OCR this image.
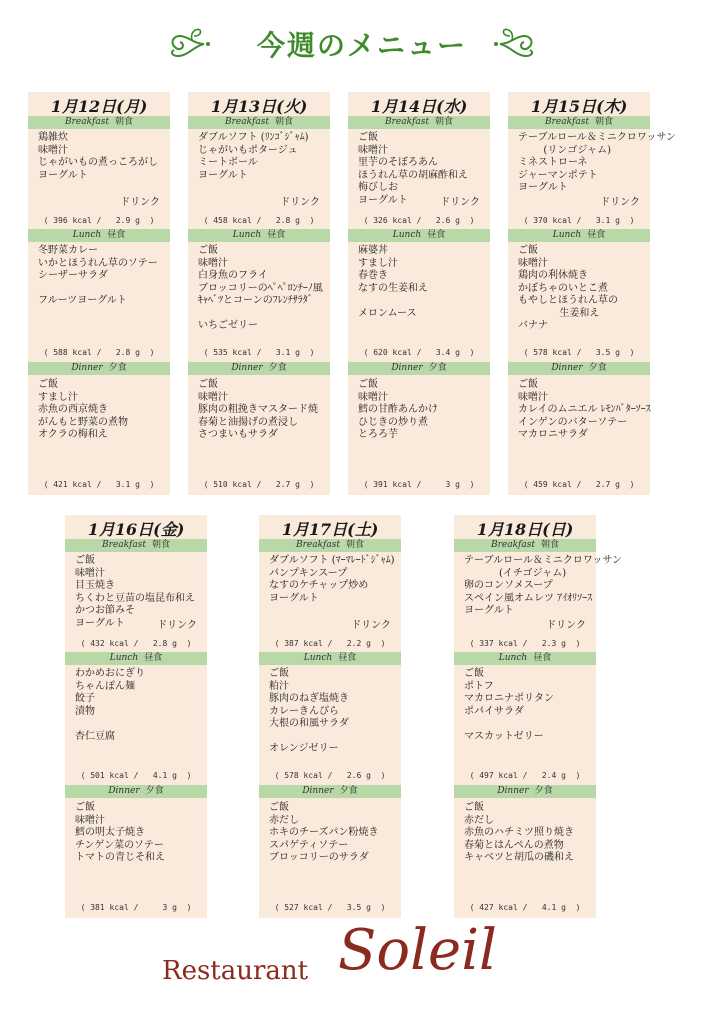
今週のメニュー
1月12日(月)
Breakfast 朝食
鶏雑炊
味噌汁
じゃがいもの煮っころがし
ヨーグルト
ドリンク
( 396 kcal /   2.9 g  )
Lunch 昼食
冬野菜カレー
いかとほうれん草のソテー
シーザーサラダ

フルーツヨーグルト
( 588 kcal /   2.8 g  )
Dinner 夕食
ご飯
すまし汁
赤魚の西京焼き
がんもと野菜の煮物
オクラの梅和え
( 421 kcal /   3.1 g  )
1月13日(火)
Breakfast 朝食
ダブルソフト (ﾘﾝｺﾞｼﾞｬﾑ)
じゃがいもポタージュ
ミートボール
ヨーグルト
ドリンク
( 458 kcal /   2.8 g  )
Lunch 昼食
ご飯
味噌汁
白身魚のフライ
ブロッコリーのﾍﾟﾍﾟﾛﾝﾁｰﾉ風
ｷｬﾍﾞﾂとコーンのﾌﾚﾝﾁｻﾗﾀﾞ

いちごゼリー
( 535 kcal /   3.1 g  )
Dinner 夕食
ご飯
味噌汁
豚肉の粗挽きマスタード焼
春菊と油揚げの煮浸し
さつまいもサラダ
( 510 kcal /   2.7 g  )
1月14日(水)
Breakfast 朝食
ご飯
味噌汁
里芋のそぼろあん
ほうれん草の胡麻酢和え
梅びしお
ヨーグルト	ドリンク
( 326 kcal /   2.6 g  )
Lunch 昼食
麻婆丼
すまし汁
春巻き
なすの生姜和え

メロンムース
( 620 kcal /   3.4 g  )
Dinner 夕食
ご飯
味噌汁
鱈の甘酢あんかけ
ひじきの炒り煮
とろろ芋
( 391 kcal /     3 g  )
1月15日(木)
Breakfast 朝食
テーブルロール＆ミニクロワッサン
(リンゴジャム)
ミネストローネ
ジャーマンポテト
ヨーグルト
ドリンク
( 370 kcal /   3.1 g  )
Lunch 昼食
ご飯
味噌汁
鶏肉の利休焼き
かぼちゃのいとこ煮
もやしとほうれん草の
生姜和え
バナナ
( 578 kcal /   3.5 g  )
Dinner 夕食
ご飯
味噌汁
カレイのムニエル ﾚﾓﾝﾊﾞﾀｰｿｰｽ
インゲンのバターソテー
マカロニサラダ
( 459 kcal /   2.7 g  )
1月16日(金)
Breakfast 朝食
ご飯
味噌汁
目玉焼き
ちくわと豆苗の塩昆布和え
かつお節みそ
ヨーグルト	ドリンク
( 432 kcal /   2.8 g  )
Lunch 昼食
わかめおにぎり
ちゃんぽん麺
餃子
漬物

杏仁豆腐
( 501 kcal /   4.1 g  )
Dinner 夕食
ご飯
味噌汁
鱈の明太子焼き
チンゲン菜のソテー
トマトの青じそ和え
( 381 kcal /     3 g  )
1月17日(土)
Breakfast 朝食
ダブルソフト (ﾏｰﾏﾚｰﾄﾞｼﾞｬﾑ)
パンプキンスープ
なすのケチャップ炒め
ヨーグルト
ドリンク
( 387 kcal /   2.2 g  )
Lunch 昼食
ご飯
粕汁
豚肉のねぎ塩焼き
カレーきんぴら
大根の和風サラダ

オレンジゼリー
( 578 kcal /   2.6 g  )
Dinner 夕食
ご飯
赤だし
ホキのチーズパン粉焼き
スパゲティソテー
ブロッコリーのサラダ
( 527 kcal /   3.5 g  )
1月18日(日)
Breakfast 朝食
テーブルロール＆ミニクロワッサン
(イチゴジャム)
卵のコンソメスープ
スペイン風オムレツ ｱｲｵﾘｿｰｽ
ヨーグルト
ドリンク
( 337 kcal /   2.3 g  )
Lunch 昼食
ご飯
ポトフ
マカロニナポリタン
ポパイサラダ

マスカットゼリー
( 497 kcal /   2.4 g  )
Dinner 夕食
ご飯
赤だし
赤魚のハチミツ照り焼き
春菊とはんぺんの煮物
キャベツと胡瓜の磯和え
( 427 kcal /   4.1 g  )
Restaurant Soleil
